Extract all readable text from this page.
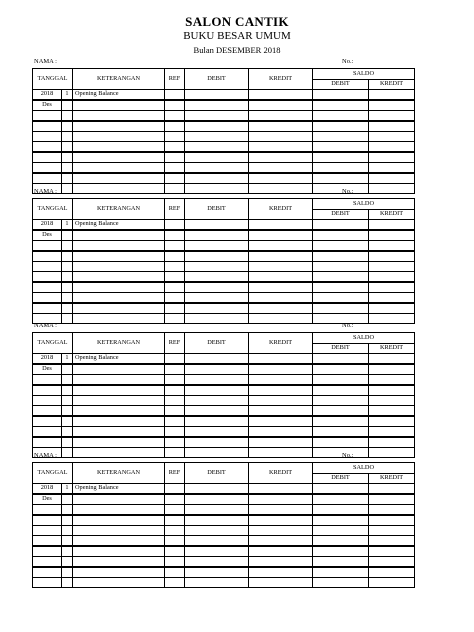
SALON CANTIK
BUKU BESAR UMUM
Bulan DESEMBER 2018
NAMA :	No.:
TANGGAL		KETERANGAN	REF	DEBIT	KREDIT	SALDO	
						DEBIT	KREDIT
2018	1	Opening Balance					
Des							

NAMA :	No.:
TANGGAL		KETERANGAN	REF	DEBIT	KREDIT	SALDO	
						DEBIT	KREDIT
2018	1	Opening Balance					
Des							

NAMA :	No.:
TANGGAL		KETERANGAN	REF	DEBIT	KREDIT	SALDO	
						DEBIT	KREDIT
2018	1	Opening Balance					
Des							

NAMA :	No.:
TANGGAL		KETERANGAN	REF	DEBIT	KREDIT	SALDO	
						DEBIT	KREDIT
2018	1	Opening Balance					
Des							
